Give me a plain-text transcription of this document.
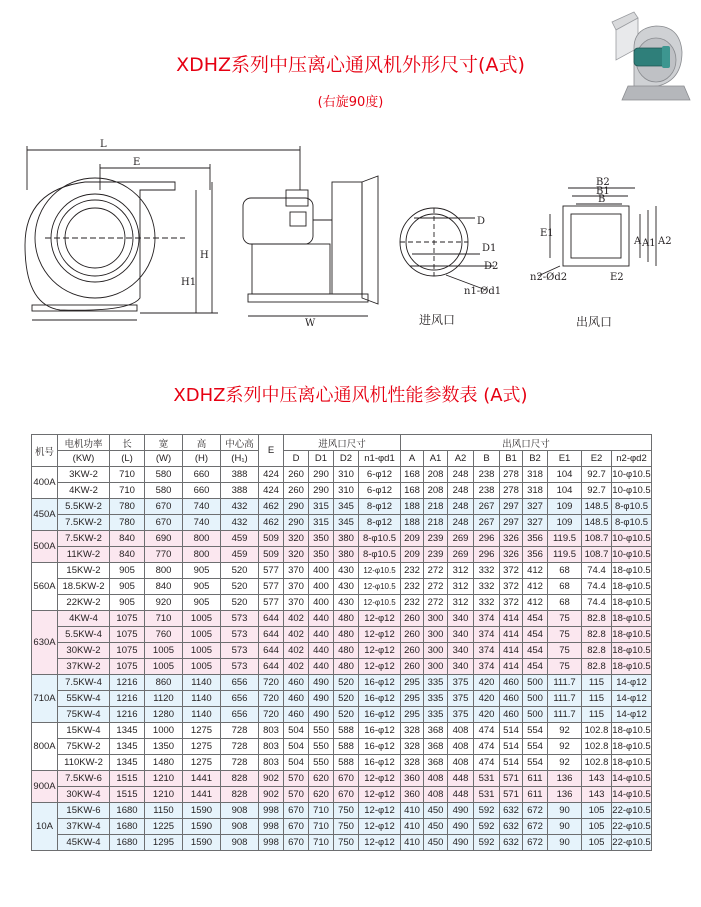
XDHZ系列中压离心通风机外形尺寸(A式)
(右旋90度)
L
E
H
H1
W
D
D1
D2
n1-Ød1
B2
B1
B
E1
A A1 A2
n2-Ød2	E2
进风口	出风口
XDHZ系列中压离心通风机性能参数表 (A式)
机号	电机功率	长	宽	高	中心高	E	进风口尺寸				出风口尺寸								
	(KW)	(L)	(W)	(H)	(H₁)		D	D1	D2	n1-φd1	A	A1	A2	B	B1	B2	E1	E2	n2-φd2
400A	3KW-2	710	580	660	388	424	260	290	310	6-φ12	168	208	248	238	278	318	104	92.7	10-φ10.5
	4KW-2	710	580	660	388	424	260	290	310	6-φ12	168	208	248	238	278	318	104	92.7	10-φ10.5
450A	5.5KW-2	780	670	740	432	462	290	315	345	8-φ12	188	218	248	267	297	327	109	148.5	8-φ10.5
	7.5KW-2	780	670	740	432	462	290	315	345	8-φ12	188	218	248	267	297	327	109	148.5	8-φ10.5
500A	7.5KW-2	840	690	800	459	509	320	350	380	8-φ10.5	209	239	269	296	326	356	119.5	108.7	10-φ10.5
	11KW-2	840	770	800	459	509	320	350	380	8-φ10.5	209	239	269	296	326	356	119.5	108.7	10-φ10.5
560A	15KW-2	905	800	905	520	577	370	400	430	12-φ10.5	232	272	312	332	372	412	68	74.4	18-φ10.5
	18.5KW-2	905	840	905	520	577	370	400	430	12-φ10.5	232	272	312	332	372	412	68	74.4	18-φ10.5
	22KW-2	905	920	905	520	577	370	400	430	12-φ10.5	232	272	312	332	372	412	68	74.4	18-φ10.5
630A	4KW-4	1075	710	1005	573	644	402	440	480	12-φ12	260	300	340	374	414	454	75	82.8	18-φ10.5
	5.5KW-4	1075	760	1005	573	644	402	440	480	12-φ12	260	300	340	374	414	454	75	82.8	18-φ10.5
	30KW-2	1075	1005	1005	573	644	402	440	480	12-φ12	260	300	340	374	414	454	75	82.8	18-φ10.5
	37KW-2	1075	1005	1005	573	644	402	440	480	12-φ12	260	300	340	374	414	454	75	82.8	18-φ10.5
710A	7.5KW-4	1216	860	1140	656	720	460	490	520	16-φ12	295	335	375	420	460	500	111.7	115	14-φ12
	55KW-4	1216	1120	1140	656	720	460	490	520	16-φ12	295	335	375	420	460	500	111.7	115	14-φ12
	75KW-4	1216	1280	1140	656	720	460	490	520	16-φ12	295	335	375	420	460	500	111.7	115	14-φ12
800A	15KW-4	1345	1000	1275	728	803	504	550	588	16-φ12	328	368	408	474	514	554	92	102.8	18-φ10.5
	75KW-2	1345	1350	1275	728	803	504	550	588	16-φ12	328	368	408	474	514	554	92	102.8	18-φ10.5
	110KW-2	1345	1480	1275	728	803	504	550	588	16-φ12	328	368	408	474	514	554	92	102.8	18-φ10.5
900A	7.5KW-6	1515	1210	1441	828	902	570	620	670	12-φ12	360	408	448	531	571	611	136	143	14-φ10.5
	30KW-4	1515	1210	1441	828	902	570	620	670	12-φ12	360	408	448	531	571	611	136	143	14-φ10.5
10A	15KW-6	1680	1150	1590	908	998	670	710	750	12-φ12	410	450	490	592	632	672	90	105	22-φ10.5
	37KW-4	1680	1225	1590	908	998	670	710	750	12-φ12	410	450	490	592	632	672	90	105	22-φ10.5
	45KW-4	1680	1295	1590	908	998	670	710	750	12-φ12	410	450	490	592	632	672	90	105	22-φ10.5
